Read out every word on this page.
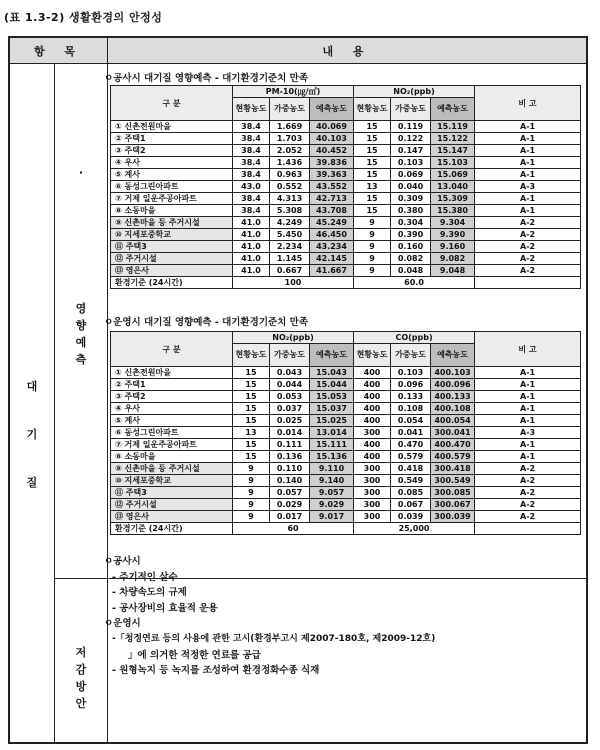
(표 1.3-2) 생활환경의 안정성
항 목	내 용
대
기
질
·
영
향
예
측
저
감
방
안
ㅇ공사시 대기질 영향예측 - 대기환경기준치 만족
구 분	PM-10(㎍/㎥)			NO₂(ppb)			비 고
	현황농도	가중농도	예측농도	현황농도	가중농도	예측농도	
① 신촌전원마을	38.4	1.669	40.069	15	0.119	15.119	A-1
② 주택1	38.4	1.703	40.103	15	0.122	15.122	A-1
③ 주택2	38.4	2.052	40.452	15	0.147	15.147	A-1
④ 우사	38.4	1.436	39.836	15	0.103	15.103	A-1
⑤ 계사	38.4	0.963	39.363	15	0.069	15.069	A-1
⑥ 동성그린아파트	43.0	0.552	43.552	13	0.040	13.040	A-3
⑦ 거제 일운주공아파트	38.4	4.313	42.713	15	0.309	15.309	A-1
⑧ 소동마을	38.4	5.308	43.708	15	0.380	15.380	A-1
⑨ 신촌마을 등 주거시설	41.0	4.249	45.249	9	0.304	9.304	A-2
⑩ 지세포중학교	41.0	5.450	46.450	9	0.390	9.390	A-2
⑪ 주택3	41.0	2.234	43.234	9	0.160	9.160	A-2
⑫ 주거시설	41.0	1.145	42.145	9	0.082	9.082	A-2
⑬ 영은사	41.0	0.667	41.667	9	0.048	9.048	A-2
환경기준 (24시간)	100			60.0			
ㅇ운영시 대기질 영향예측 - 대기환경기준치 만족
구 분	NO₂(ppb)			CO(ppb)			비 고
	현황농도	가중농도	예측농도	현황농도	가중농도	예측농도	
① 신촌전원마을	15	0.043	15.043	400	0.103	400.103	A-1
② 주택1	15	0.044	15.044	400	0.096	400.096	A-1
③ 주택2	15	0.053	15.053	400	0.133	400.133	A-1
④ 우사	15	0.037	15.037	400	0.108	400.108	A-1
⑤ 계사	15	0.025	15.025	400	0.054	400.054	A-1
⑥ 동성그린아파트	13	0.014	13.014	300	0.041	300.041	A-3
⑦ 거제 일운주공아파트	15	0.111	15.111	400	0.470	400.470	A-1
⑧ 소동마을	15	0.136	15.136	400	0.579	400.579	A-1
⑨ 신촌마을 등 주거시설	9	0.110	9.110	300	0.418	300.418	A-2
⑩ 지세포중학교	9	0.140	9.140	300	0.549	300.549	A-2
⑪ 주택3	9	0.057	9.057	300	0.085	300.085	A-2
⑫ 주거시설	9	0.029	9.029	300	0.067	300.067	A-2
⑬ 영은사	9	0.017	9.017	300	0.039	300.039	A-2
환경기준 (24시간)	60			25,000			
ㅇ공사시
- 주기적인 살수
- 차량속도의 규제
- 공사장비의 효율적 운용
ㅇ운영시
-「청정연료 등의 사용에 관한 고시(환경부고시 제2007-180호, 제2009-12호)
」에 의거한 적정한 연료를 공급
- 원형녹지 등 녹지를 조성하여 환경정화수종 식재
